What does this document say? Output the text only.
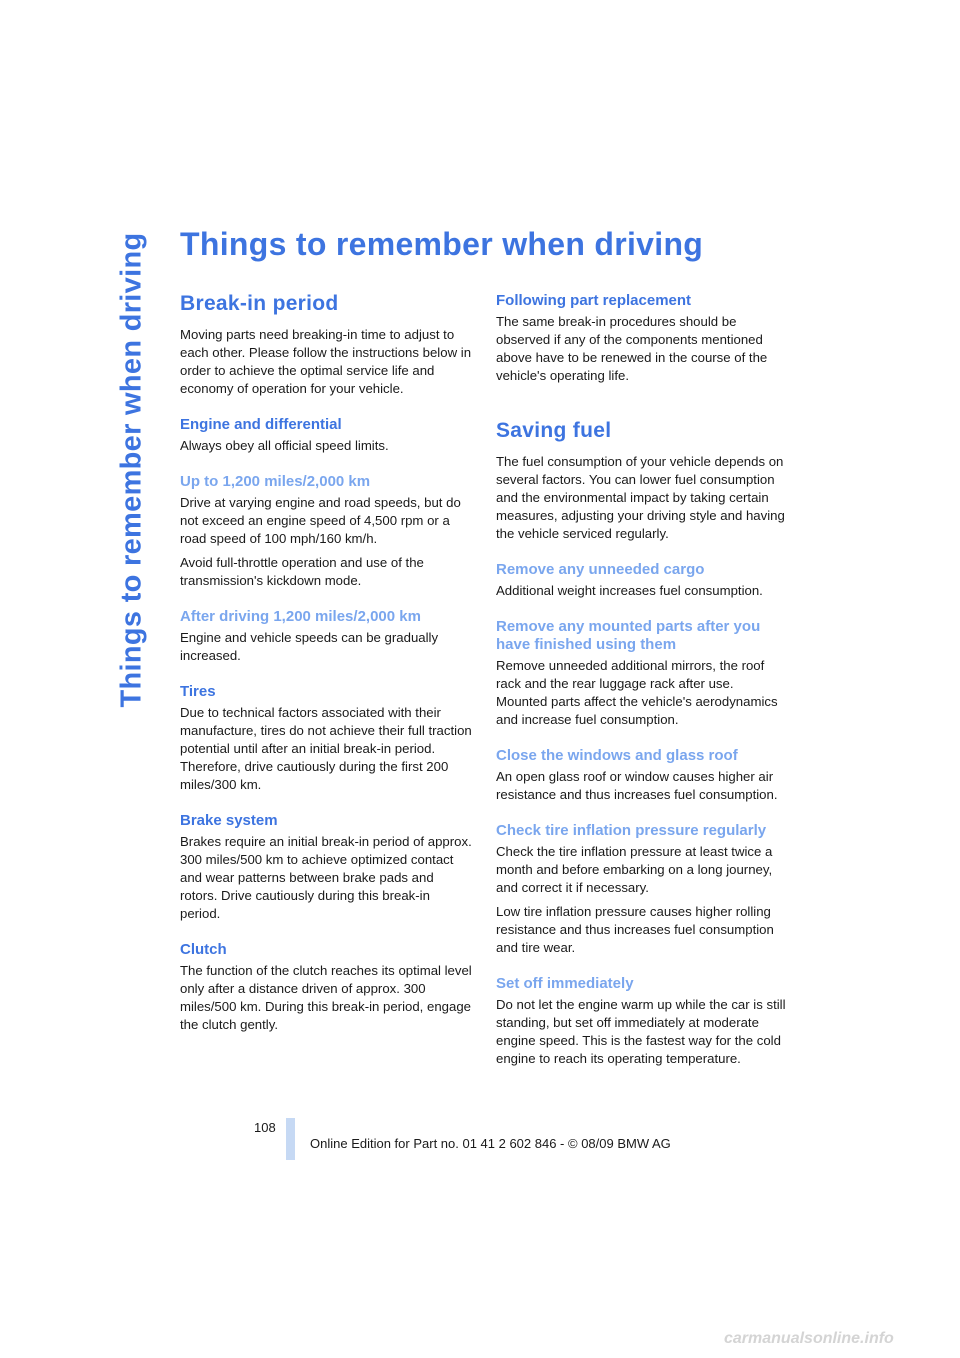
Things to remember when driving Things to remember when driving
Break-in period

Moving parts need breaking-in time to adjust to each other. Please follow the instructions below in order to achieve the optimal service life and economy of operation for your vehicle.

Engine and differential

Always obey all official speed limits.

Up to 1,200 miles/2,000 km

Drive at varying engine and road speeds, but do not exceed an engine speed of 4,500 rpm or a road speed of 100 mph/160 km/h.

Avoid full-throttle operation and use of the transmission's kickdown mode.

After driving 1,200 miles/2,000 km

Engine and vehicle speeds can be gradually increased.

Tires

Due to technical factors associated with their manufacture, tires do not achieve their full traction potential until after an initial break-in period. Therefore, drive cautiously during the first 200 miles/300 km.

Brake system

Brakes require an initial break-in period of approx. 300 miles/500 km to achieve optimized contact and wear patterns between brake pads and rotors. Drive cautiously during this break-in period.

Clutch

The function of the clutch reaches its optimal level only after a distance driven of approx. 300 miles/500 km. During this break-in period, engage the clutch gently.

Following part replacement

The same break-in procedures should be observed if any of the components mentioned above have to be renewed in the course of the vehicle's operating life.

Saving fuel

The fuel consumption of your vehicle depends on several factors. You can lower fuel consumption and the environmental impact by taking certain measures, adjusting your driving style and having the vehicle serviced regularly.

Remove any unneeded cargo

Additional weight increases fuel consumption.

Remove any mounted parts after you have finished using them

Remove unneeded additional mirrors, the roof rack and the rear luggage rack after use. Mounted parts affect the vehicle's aerodynamics and increase fuel consumption.

Close the windows and glass roof

An open glass roof or window causes higher air resistance and thus increases fuel consumption.

Check tire inflation pressure regularly

Check the tire inflation pressure at least twice a month and before embarking on a long journey, and correct it if necessary.

Low tire inflation pressure causes higher rolling resistance and thus increases fuel consumption and tire wear.

Set off immediately

Do not let the engine warm up while the car is still standing, but set off immediately at moderate engine speed. This is the fastest way for the cold engine to reach its operating temperature.

108
Online Edition for Part no. 01 41 2 602 846 - © 08/09 BMW AG
carmanualsonline.info
